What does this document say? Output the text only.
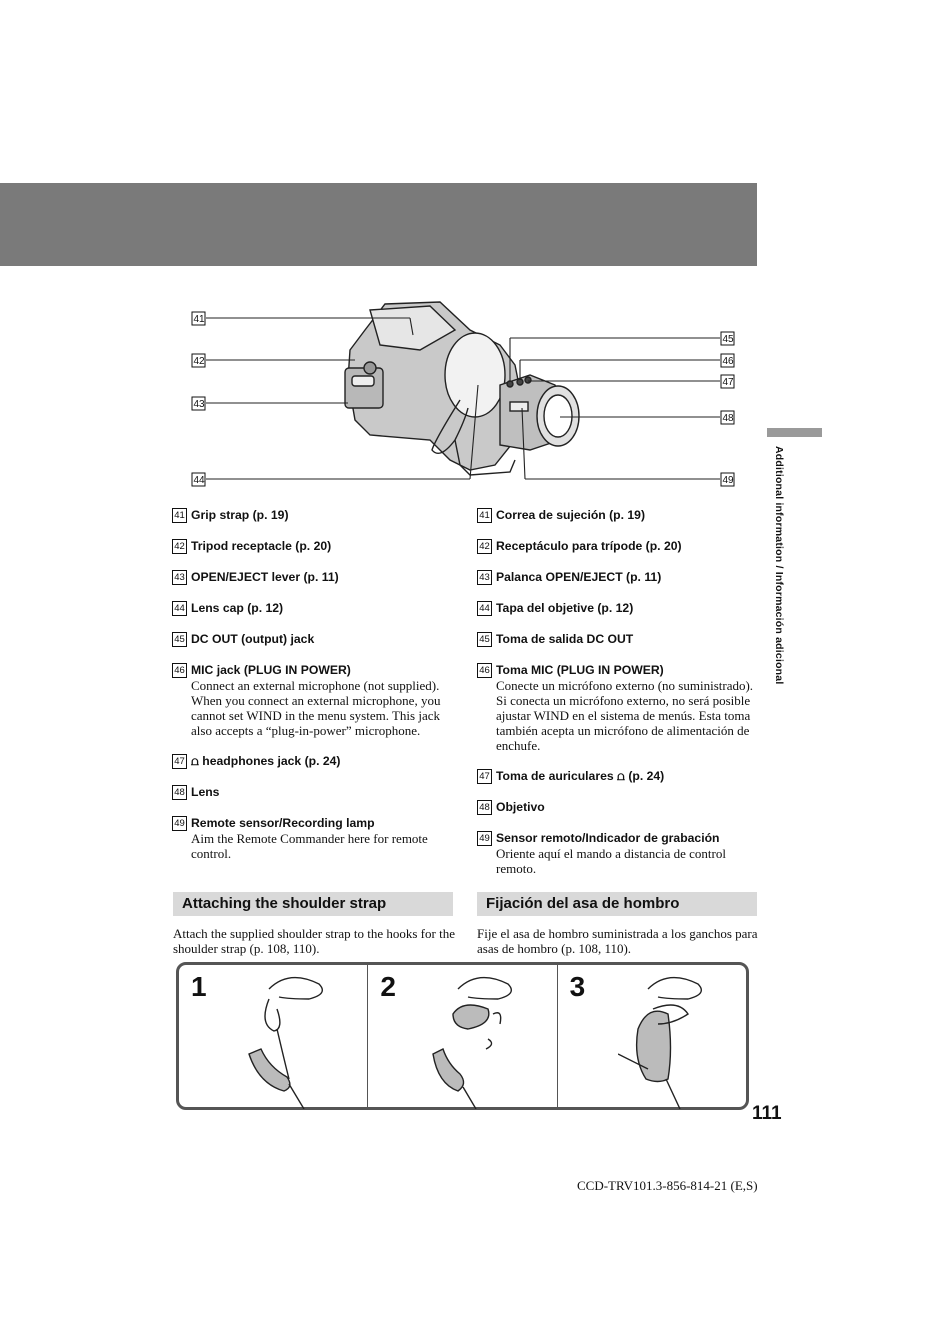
Additional information / Información adicional
41
42
43
44
45
46
47
48
49
41 Grip strap (p. 19)
42 Tripod receptacle (p. 20)
43 OPEN/EJECT lever (p. 11)
44 Lens cap (p. 12)
45 DC OUT (output) jack
46 MIC jack (PLUG IN POWER)
Connect an external microphone (not supplied). When you connect an external microphone, you cannot set WIND in the menu system. This jack also accepts a “plug-in-power” microphone.
47 ⩍ headphones jack (p. 24)
48 Lens
49 Remote sensor/Recording lamp
Aim the Remote Commander here for remote control.
41 Correa de sujeción (p. 19)
42 Receptáculo para trípode (p. 20)
43 Palanca OPEN/EJECT (p. 11)
44 Tapa del objetive (p. 12)
45 Toma de salida DC OUT
46 Toma MIC (PLUG IN POWER)
Conecte un micrófono externo (no suministrado). Si conecta un micrófono externo, no será posible ajustar WIND en el sistema de menús. Esta toma también acepta un micrófono de alimentación de enchufe.
47 Toma de auriculares ⩍ (p. 24)
48 Objetivo
49 Sensor remoto/Indicador de grabación
Oriente aquí el mando a distancia de control remoto.
Attaching the shoulder strap	Fijación del asa de hombro
Attach the supplied shoulder strap to the hooks for the shoulder strap (p. 108, 110).
Fije el asa de hombro suministrada a los ganchos para asas de hombro (p. 108, 110).
1	2	3
111
CCD-TRV101.3-856-814-21 (E,S)
